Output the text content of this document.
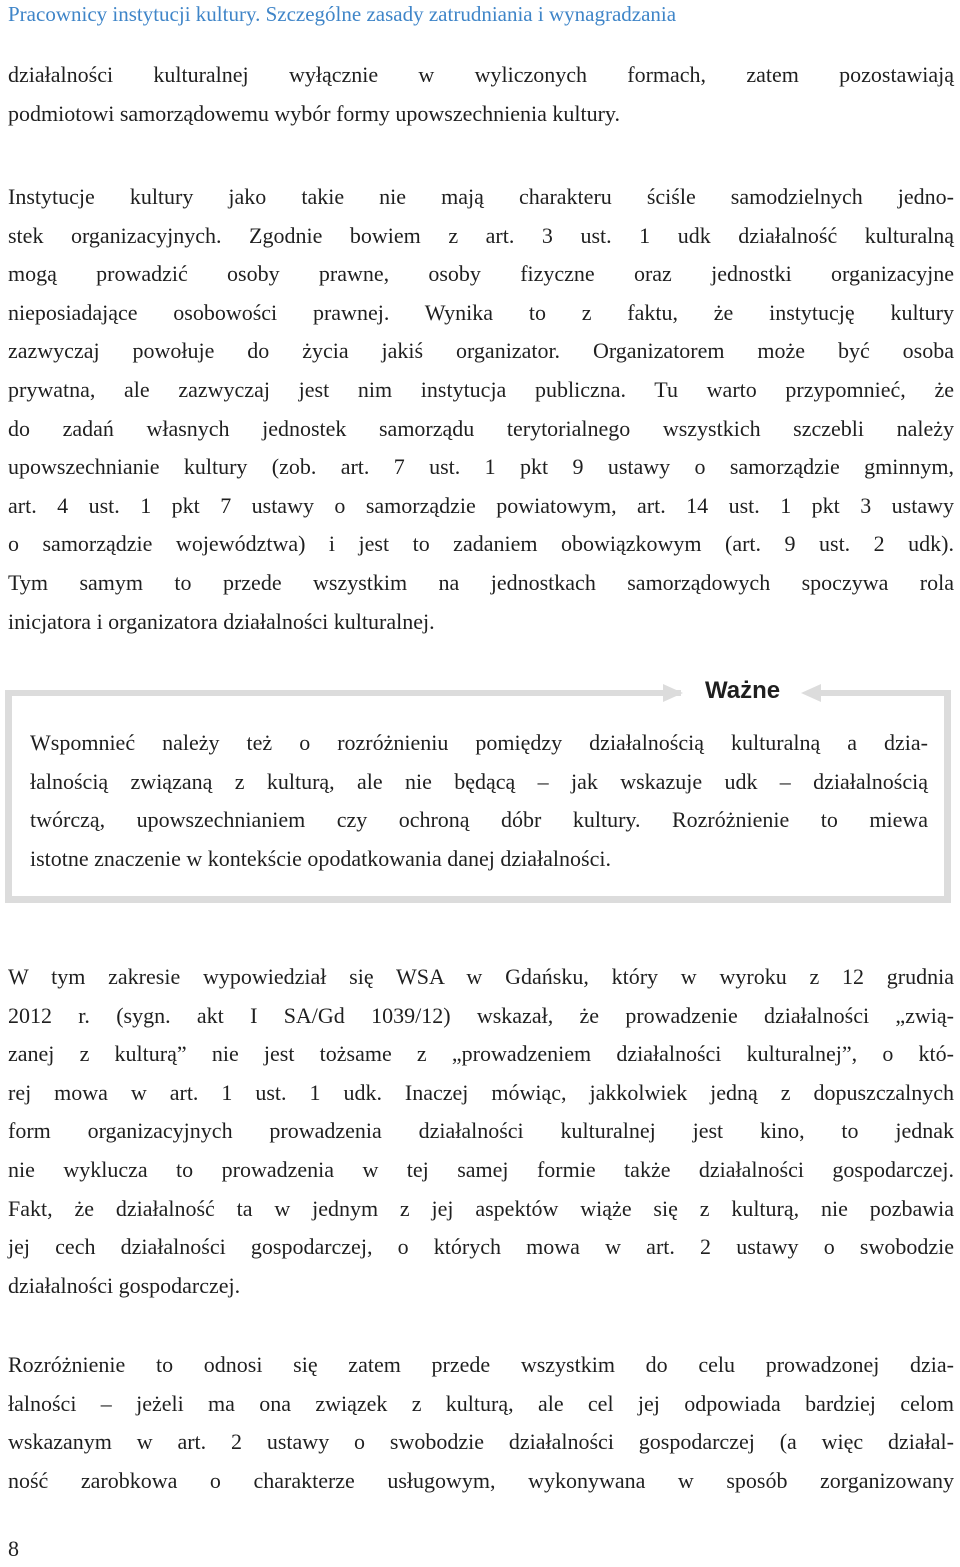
Pracownicy instytucji kultury. Szczególne zasady zatrudniania i wynagradzania

działalności kulturalnej wyłącznie w wyliczonych formach, zatem pozostawiają
podmiotowi samorządowemu wybór formy upowszechnienia kultury.

Instytucje kultury jako takie nie mają charakteru ściśle samodzielnych jedno-
stek organizacyjnych. Zgodnie bowiem z art. 3 ust. 1 udk działalność kulturalną
mogą prowadzić osoby prawne, osoby fizyczne oraz jednostki organizacyjne
nieposiadające osobowości prawnej. Wynika to z faktu, że instytucję kultury
zazwyczaj powołuje do życia jakiś organizator. Organizatorem może być osoba
prywatna, ale zazwyczaj jest nim instytucja publiczna. Tu warto przypomnieć, że
do zadań własnych jednostek samorządu terytorialnego wszystkich szczebli należy
upowszechnianie kultury (zob. art. 7 ust. 1 pkt 9 ustawy o samorządzie gminnym,
art. 4 ust. 1 pkt 7 ustawy o samorządzie powiatowym, art. 14 ust. 1 pkt 3 ustawy
o samorządzie województwa) i jest to zadaniem obowiązkowym (art. 9 ust. 2 udk).
Tym samym to przede wszystkim na jednostkach samorządowych spoczywa rola
inicjatora i organizatora działalności kulturalnej.

Ważne

Wspomnieć należy też o rozróżnieniu pomiędzy działalnością kulturalną a dzia-
łalnością związaną z kulturą, ale nie będącą – jak wskazuje udk – działalnością
twórczą, upowszechnianiem czy ochroną dóbr kultury. Rozróżnienie to miewa
istotne znaczenie w kontekście opodatkowania danej działalności.

W tym zakresie wypowiedział się WSA w Gdańsku, który w wyroku z 12 grudnia
2012 r. (sygn. akt I SA/Gd 1039/12) wskazał, że prowadzenie działalności „zwią-
zanej z kulturą” nie jest tożsame z „prowadzeniem działalności kulturalnej”, o któ-
rej mowa w art. 1 ust. 1 udk. Inaczej mówiąc, jakkolwiek jedną z dopuszczalnych
form organizacyjnych prowadzenia działalności kulturalnej jest kino, to jednak
nie wyklucza to prowadzenia w tej samej formie także działalności gospodarczej.
Fakt, że działalność ta w jednym z jej aspektów wiąże się z kulturą, nie pozbawia
jej cech działalności gospodarczej, o których mowa w art. 2 ustawy o swobodzie
działalności gospodarczej.

Rozróżnienie to odnosi się zatem przede wszystkim do celu prowadzonej dzia-
łalności – jeżeli ma ona związek z kulturą, ale cel jej odpowiada bardziej celom
wskazanym w art. 2 ustawy o swobodzie działalności gospodarczej (a więc działal-
ność zarobkowa o charakterze usługowym, wykonywana w sposób zorganizowany

8
